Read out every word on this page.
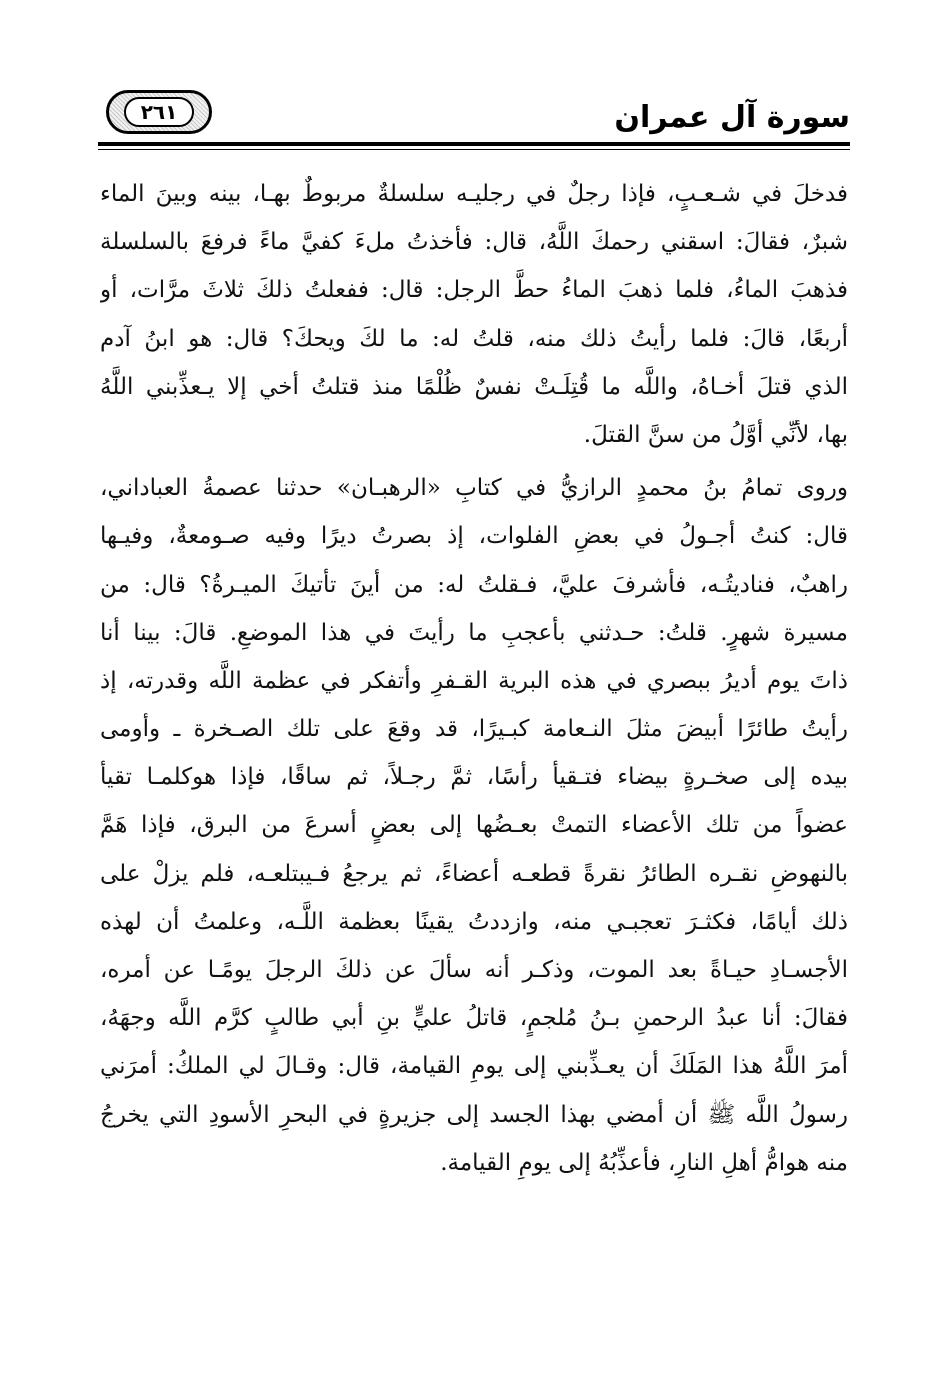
سورة آل عمران
٢٦١
فدخلَ في شـعـبٍ، فإذا رجلٌ في رجليـه سلسلةٌ مربوطٌ بهـا، بينه وبينَ الماء
شبرٌ، فقالَ: اسقني رحمكَ اللَّهُ، قال: فأخذتُ ملءَ كفيَّ ماءً فرفعَ بالسلسلة
فذهبَ الماءُ، فلما ذهبَ الماءُ حطَّ الرجل: قال: ففعلتُ ذلكَ ثلاثَ مرَّات، أو
أربعًا، قالَ: فلما رأيتُ ذلك منه، قلتُ له: ما لكَ ويحكَ؟ قال: هو ابنُ آدم
الذي قتلَ أخـاهُ، واللَّه ما قُتِلَـتْ نفسٌ ظُلْمًا منذ قتلتُ أخي إلا يـعذِّبني اللَّهُ
بها، لأنِّي أوَّلُ من سنَّ القتلَ.
وروى تمامُ بنُ محمدٍ الرازيُّ في كتابِ «الرهبـان» حدثنا عصمةُ العباداني،
قال: كنتُ أجـولُ في بعضِ الفلوات، إذ بصرتُ ديرًا وفيه صـومعةٌ، وفيـها
راهبٌ، فناديتُـه، فأشرفَ عليَّ، فـقلتُ له: من أينَ تأتيكَ الميـرةُ؟ قال: من
مسيرة شهرٍ. قلتُ: حـدثني بأعجبِ ما رأيتَ في هذا الموضعِ. قالَ: بينا أنا
ذاتَ يوم أديرُ ببصري في هذه البرية القـفرِ وأتفكر في عظمة اللَّه وقدرته، إذ
رأيتُ طائرًا أبيضَ مثلَ النـعامة كبـيرًا، قد وقعَ على تلك الصـخرة ـ وأومى
بيده إلى صخـرةٍ بيضاء فتـقيأ رأسًا، ثمَّ رجـلاً، ثم ساقًا، فإذا هوكلمـا تقيأ
عضواً من تلك الأعضاء التمتْ بعـضُها إلى بعضٍ أسرعَ من البرق، فإذا هَمَّ
بالنهوضِ نقـره الطائرُ نقرةً قطعـه أعضاءً، ثم يرجعُ فـيبتلعـه، فلم يزلْ على
ذلك أيامًا، فكثـرَ تعجبـي منه، وازددتُ يقينًا بعظمة اللَّـه، وعلمتُ أن لهذه
الأجسـادِ حيـاةً بعد الموت، وذكـر أنه سألَ عن ذلكَ الرجلَ يومًـا عن أمره،
فقالَ: أنا عبدُ الرحمنِ بـنُ مُلجمٍ، قاتلُ عليٍّ بنِ أبي طالبٍ كرَّم اللَّه وجهَهُ،
أمرَ اللَّهُ هذا المَلَكَ أن يعـذِّبني إلى يومِ القيامة، قال: وقـالَ لي الملكُ: أمرَني
رسولُ اللَّه ﷺ أن أمضي بهذا الجسد إلى جزيرةٍ في البحرِ الأسودِ التي يخرجُ
منه هوامُّ أهلِ النارِ، فأعذِّبُهُ إلى يومِ القيامة.
